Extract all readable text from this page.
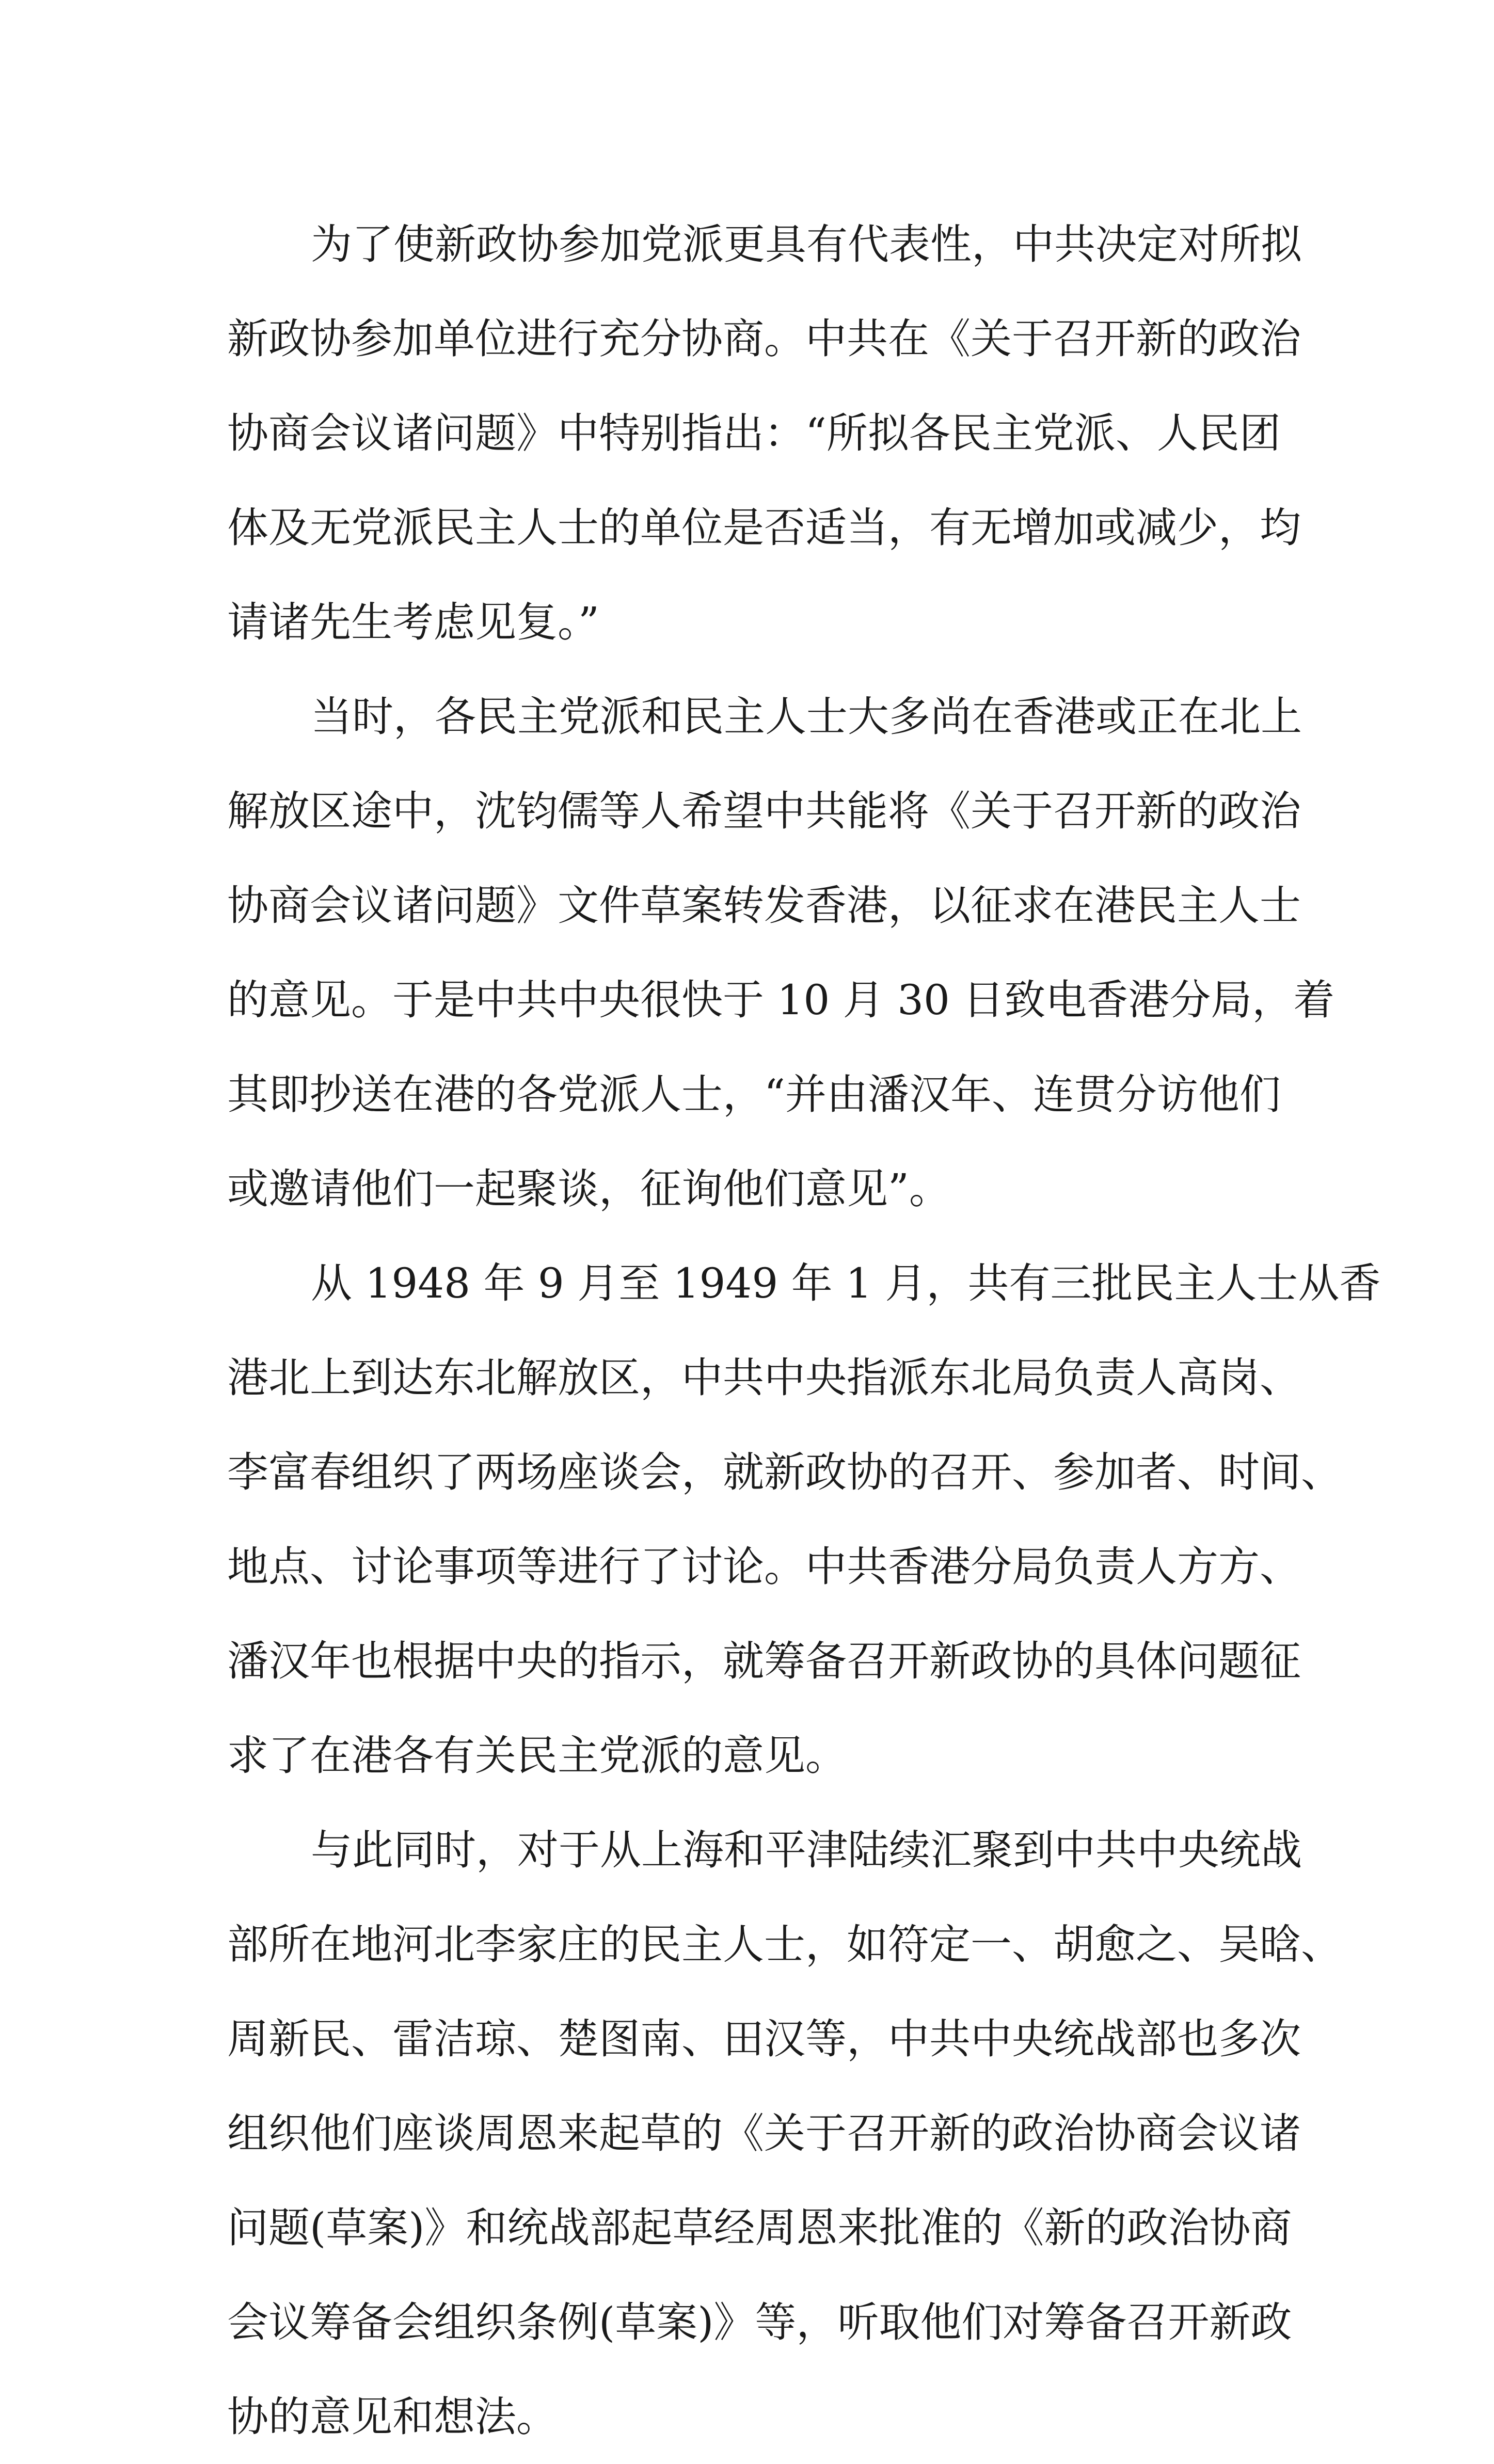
为了使新政协参加党派更具有代表性，中共决定对所拟
新政协参加单位进行充分协商。中共在《关于召开新的政治
协商会议诸问题》中特别指出：“所拟各民主党派、人民团
体及无党派民主人士的单位是否适当，有无增加或减少，均
请诸先生考虑见复。”
当时，各民主党派和民主人士大多尚在香港或正在北上
解放区途中，沈钧儒等人希望中共能将《关于召开新的政治
协商会议诸问题》文件草案转发香港，以征求在港民主人士
的意见。于是中共中央很快于 10 月 30 日致电香港分局，着
其即抄送在港的各党派人士，“并由潘汉年、连贯分访他们
或邀请他们一起聚谈，征询他们意见”。
从 1948 年 9 月至 1949 年 1 月，共有三批民主人士从香
港北上到达东北解放区，中共中央指派东北局负责人高岗、
李富春组织了两场座谈会，就新政协的召开、参加者、时间、
地点、讨论事项等进行了讨论。中共香港分局负责人方方、
潘汉年也根据中央的指示，就筹备召开新政协的具体问题征
求了在港各有关民主党派的意见。
与此同时，对于从上海和平津陆续汇聚到中共中央统战
部所在地河北李家庄的民主人士，如符定一、胡愈之、吴晗、
周新民、雷洁琼、楚图南、田汉等，中共中央统战部也多次
组织他们座谈周恩来起草的《关于召开新的政治协商会议诸
问题(草案)》和统战部起草经周恩来批准的《新的政治协商
会议筹备会组织条例(草案)》等，听取他们对筹备召开新政
协的意见和想法。
